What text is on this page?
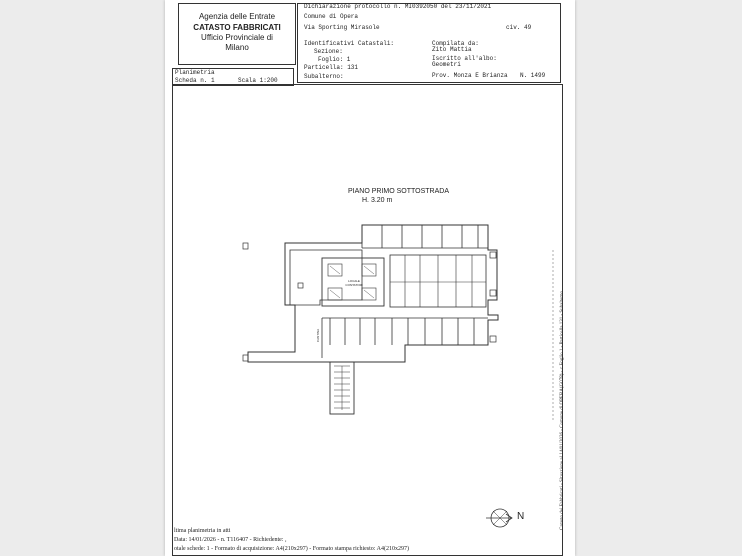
Agenzia delle Entrate
CATASTO FABBRICATI
Ufficio Provinciale di
Milano
Dichiarazione protocollo n. MI0392050 del 23/11/2021
Comune di Opera
Via Sporting Mirasole	civ. 49
Identificativi Catastali:
Sezione:
Foglio: 1
Particella: 131
Subalterno:
Compilata da:
Zito Mattia
Iscritto all'albo:
Geometri
Prov. Monza E Brianza N. 1499
Planimetria
Scheda n. 1	Scala 1:200
PIANO PRIMO SOTTOSTRADA
H. 3.20 m
LOCALE CONTATORI
CANTINA
N
ltima planimetria in atti
Data: 14/01/2026 - n. T116407 - Richiedente: ,
otale schede: 1 - Formato di acquisizione: A4(210x297) - Formato stampa richiesto: A4(210x297)
Catasto dei Fabbricati - Situazione al 14/01/2026 - Comune di OPERA(G078) - < Foglio 1 - Particella 131 - Subalterno
